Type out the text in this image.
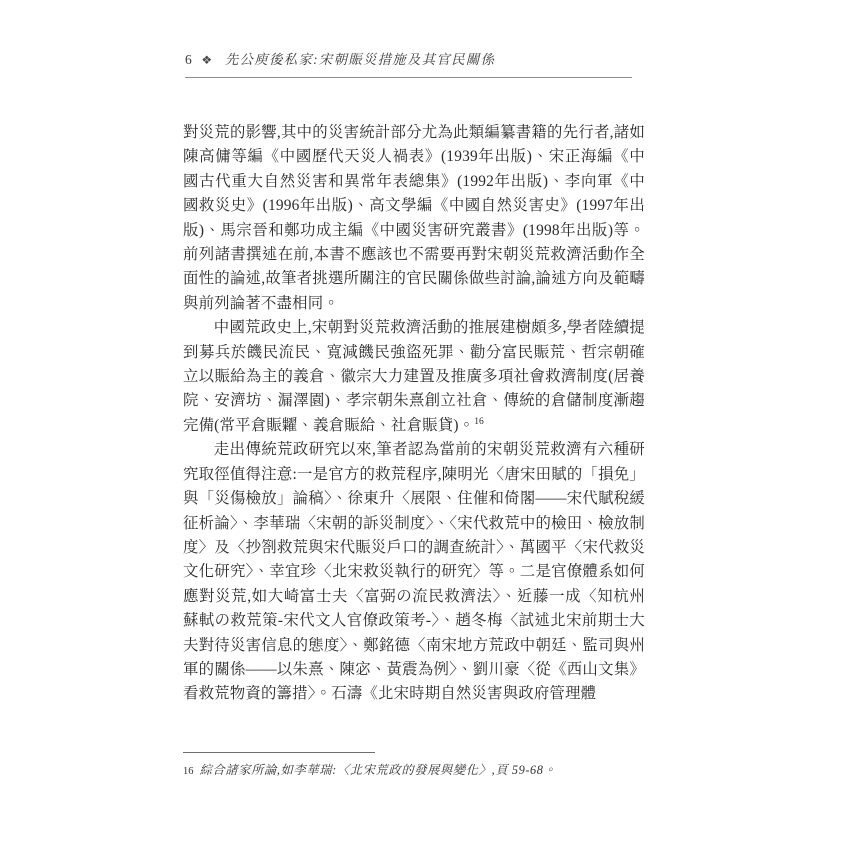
6 ❖ 先公庾後私家:宋朝賑災措施及其官民關係

對災荒的影響,其中的災害統計部分尤為此類編纂書籍的先行者,諸如陳高傭等編《中國歷代天災人禍表》(1939年出版)、宋正海編《中國古代重大自然災害和異常年表總集》(1992年出版)、李向軍《中國救災史》(1996年出版)、高文學編《中國自然災害史》(1997年出版)、馬宗晉和鄭功成主編《中國災害研究叢書》(1998年出版)等。前列諸書撰述在前,本書不應該也不需要再對宋朝災荒救濟活動作全面性的論述,故筆者挑選所關注的官民關係做些討論,論述方向及範疇與前列論著不盡相同。

中國荒政史上,宋朝對災荒救濟活動的推展建樹頗多,學者陸續提到募兵於饑民流民、寬減饑民強盜死罪、勸分富民賑荒、哲宗朝確立以賑給為主的義倉、徽宗大力建置及推廣多項社會救濟制度(居養院、安濟坊、漏澤園)、孝宗朝朱熹創立社倉、傳統的倉儲制度漸趨完備(常平倉賑糶、義倉賑給、社倉賑貸)。$^{16}$

走出傳統荒政研究以來,筆者認為當前的宋朝災荒救濟有六種研究取徑值得注意:一是官方的救荒程序,陳明光〈唐宋田賦的「損免」與「災傷檢放」論稿〉、徐東升〈展限、住催和倚閣——宋代賦稅緩征析論〉、李華瑞〈宋朝的訴災制度〉、〈宋代救荒中的檢田、檢放制度〉及〈抄劄救荒與宋代賑災戶口的調查統計〉、萬國平〈宋代救災文化研究〉、幸宜珍〈北宋救災執行的研究〉等。二是官僚體系如何應對災荒,如大崎富士夫〈富弼の流民救濟法〉、近藤一成〈知杭州蘇軾の救荒策-宋代文人官僚政策考-〉、趙冬梅〈試述北宋前期士大夫對待災害信息的態度〉、鄭銘德〈南宋地方荒政中朝廷、監司與州軍的關係——以朱熹、陳宓、黃震為例〉、劉川豪〈從《西山文集》看救荒物資的籌措〉。石濤《北宋時期自然災害與政府管理體

16 綜合諸家所論,如李華瑞:〈北宋荒政的發展與變化〉,頁 59-68。
